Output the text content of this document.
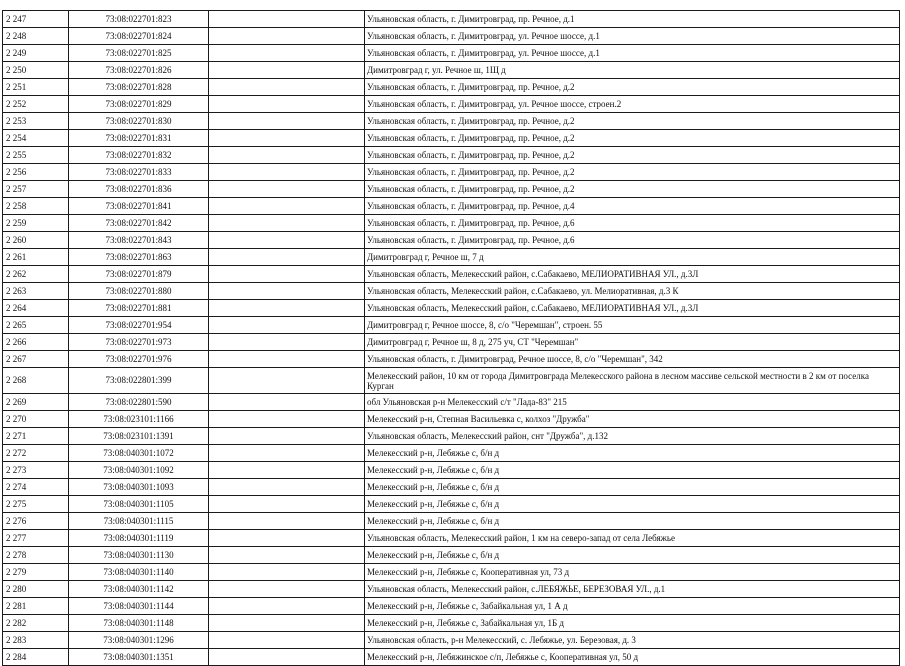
2 247	73:08:022701:823		Ульяновская область, г. Димитровград, пр. Речное, д.1
2 248	73:08:022701:824		Ульяновская область, г. Димитровград, ул. Речное шоссе, д.1
2 249	73:08:022701:825		Ульяновская область, г. Димитровград, ул. Речное шоссе, д.1
2 250	73:08:022701:826		Димитровград г, ул. Речное ш, 1Щ д
2 251	73:08:022701:828		Ульяновская область, г. Димитровград, пр. Речное, д.2
2 252	73:08:022701:829		Ульяновская область, г. Димитровград, ул. Речное шоссе, строен.2
2 253	73:08:022701:830		Ульяновская область, г. Димитровград, пр. Речное, д.2
2 254	73:08:022701:831		Ульяновская область, г. Димитровград, пр. Речное, д.2
2 255	73:08:022701:832		Ульяновская область, г. Димитровград, пр. Речное, д.2
2 256	73:08:022701:833		Ульяновская область, г. Димитровград, пр. Речное, д.2
2 257	73:08:022701:836		Ульяновская область, г. Димитровград, пр. Речное, д.2
2 258	73:08:022701:841		Ульяновская область, г. Димитровград, пр. Речное, д.4
2 259	73:08:022701:842		Ульяновская область, г. Димитровград, пр. Речное, д.6
2 260	73:08:022701:843		Ульяновская область, г. Димитровград, пр. Речное, д.6
2 261	73:08:022701:863		Димитровград г, Речное ш, 7 д
2 262	73:08:022701:879		Ульяновская область, Мелекесский район, с.Сабакаево, МЕЛИОРАТИВНАЯ УЛ., д.3Л
2 263	73:08:022701:880		Ульяновская область, Мелекесский район, с.Сабакаево, ул. Мелиоративная, д.3 К
2 264	73:08:022701:881		Ульяновская область, Мелекесский район, с.Сабакаево, МЕЛИОРАТИВНАЯ УЛ., д.3Л
2 265	73:08:022701:954		Димитровград г, Речное шоссе, 8, с/о "Черемшан", строен. 55
2 266	73:08:022701:973		Димитровград г, Речное ш, 8 д, 275 уч, СТ "Черемшан"
2 267	73:08:022701:976		Ульяновская область, г. Димитровград, Речное шоссе, 8, с/о "Черемшан", 342
2 268	73:08:022801:399		Мелекесский район, 10 км от города Димитровграда Мелекесского района в лесном массиве сельской местности в 2 км от поселка Курган
2 269	73:08:022801:590		обл Ульяновская р-н Мелекесский с/т "Лада-83" 215
2 270	73:08:023101:1166		Мелекесский р-н, Степная Васильевка с, колхоз "Дружба"
2 271	73:08:023101:1391		Ульяновская область, Мелекесский район, снт "Дружба", д.132
2 272	73:08:040301:1072		Мелекесский р-н, Лебяжье с, б/н д
2 273	73:08:040301:1092		Мелекесский р-н, Лебяжье с, б/н д
2 274	73:08:040301:1093		Мелекесский р-н, Лебяжье с, б/н д
2 275	73:08:040301:1105		Мелекесский р-н, Лебяжье с, б/н д
2 276	73:08:040301:1115		Мелекесский р-н, Лебяжье с, б/н д
2 277	73:08:040301:1119		Ульяновская область, Мелекесский район, 1 км на северо-запад от села Лебяжье
2 278	73:08:040301:1130		Мелекесский р-н, Лебяжье с, б/н д
2 279	73:08:040301:1140		Мелекесский р-н, Лебяжье с, Кооперативная ул, 73 д
2 280	73:08:040301:1142		Ульяновская область, Мелекесский район, с.ЛЕБЯЖЬЕ, БЕРЕЗОВАЯ УЛ., д.1
2 281	73:08:040301:1144		Мелекесский р-н, Лебяжье с, Забайкальная ул, 1 А д
2 282	73:08:040301:1148		Мелекесский р-н, Лебяжье с, Забайкальная ул, 1Б д
2 283	73:08:040301:1296		Ульяновская область, р-н Мелекесский, с. Лебяжье, ул. Березовая, д. 3
2 284	73:08:040301:1351		Мелекесский р-н, Лебяжинское с/п, Лебяжье с, Кооперативная ул, 50 д
